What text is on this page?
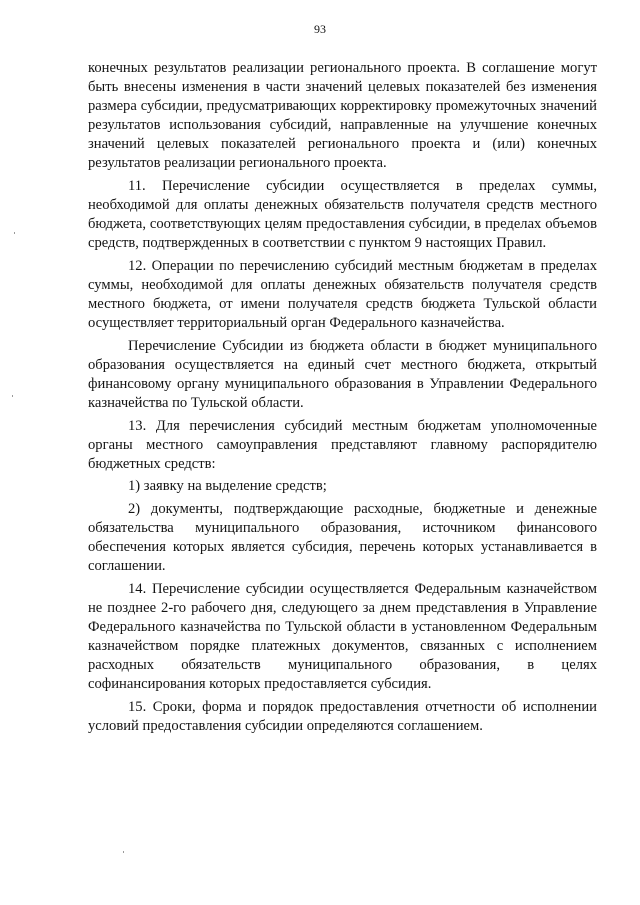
93

конечных результатов реализации регионального проекта. В соглашение могут быть внесены изменения в части значений целевых показателей без изменения размера субсидии, предусматривающих корректировку промежуточных значений результатов использования субсидий, направленные на улучшение конечных значений целевых показателей регионального проекта и (или) конечных результатов реализации регионального проекта.

11. Перечисление субсидии осуществляется в пределах суммы, необходимой для оплаты денежных обязательств получателя средств местного бюджета, соответствующих целям предоставления субсидии, в пределах объемов средств, подтвержденных в соответствии с пунктом 9 настоящих Правил.

12. Операции по перечислению субсидий местным бюджетам в пределах суммы, необходимой для оплаты денежных обязательств получателя средств местного бюджета, от имени получателя средств бюджета Тульской области осуществляет территориальный орган Федерального казначейства.

Перечисление Субсидии из бюджета области в бюджет муниципального образования осуществляется на единый счет местного бюджета, открытый финансовому органу муниципального образования в Управлении Федерального казначейства по Тульской области.

13. Для перечисления субсидий местным бюджетам уполномоченные органы местного самоуправления представляют главному распорядителю бюджетных средств:

1) заявку на выделение средств;

2) документы, подтверждающие расходные, бюджетные и денежные обязательства муниципального образования, источником финансового обеспечения которых является субсидия, перечень которых устанавливается в соглашении.

14. Перечисление субсидии осуществляется Федеральным казначейством не позднее 2-го рабочего дня, следующего за днем представления в Управление Федерального казначейства по Тульской области в установленном Федеральным казначейством порядке платежных документов, связанных с исполнением расходных обязательств муниципального образования, в целях софинансирования которых предоставляется субсидия.

15. Сроки, форма и порядок предоставления отчетности об исполнении условий предоставления субсидии определяются соглашением.
